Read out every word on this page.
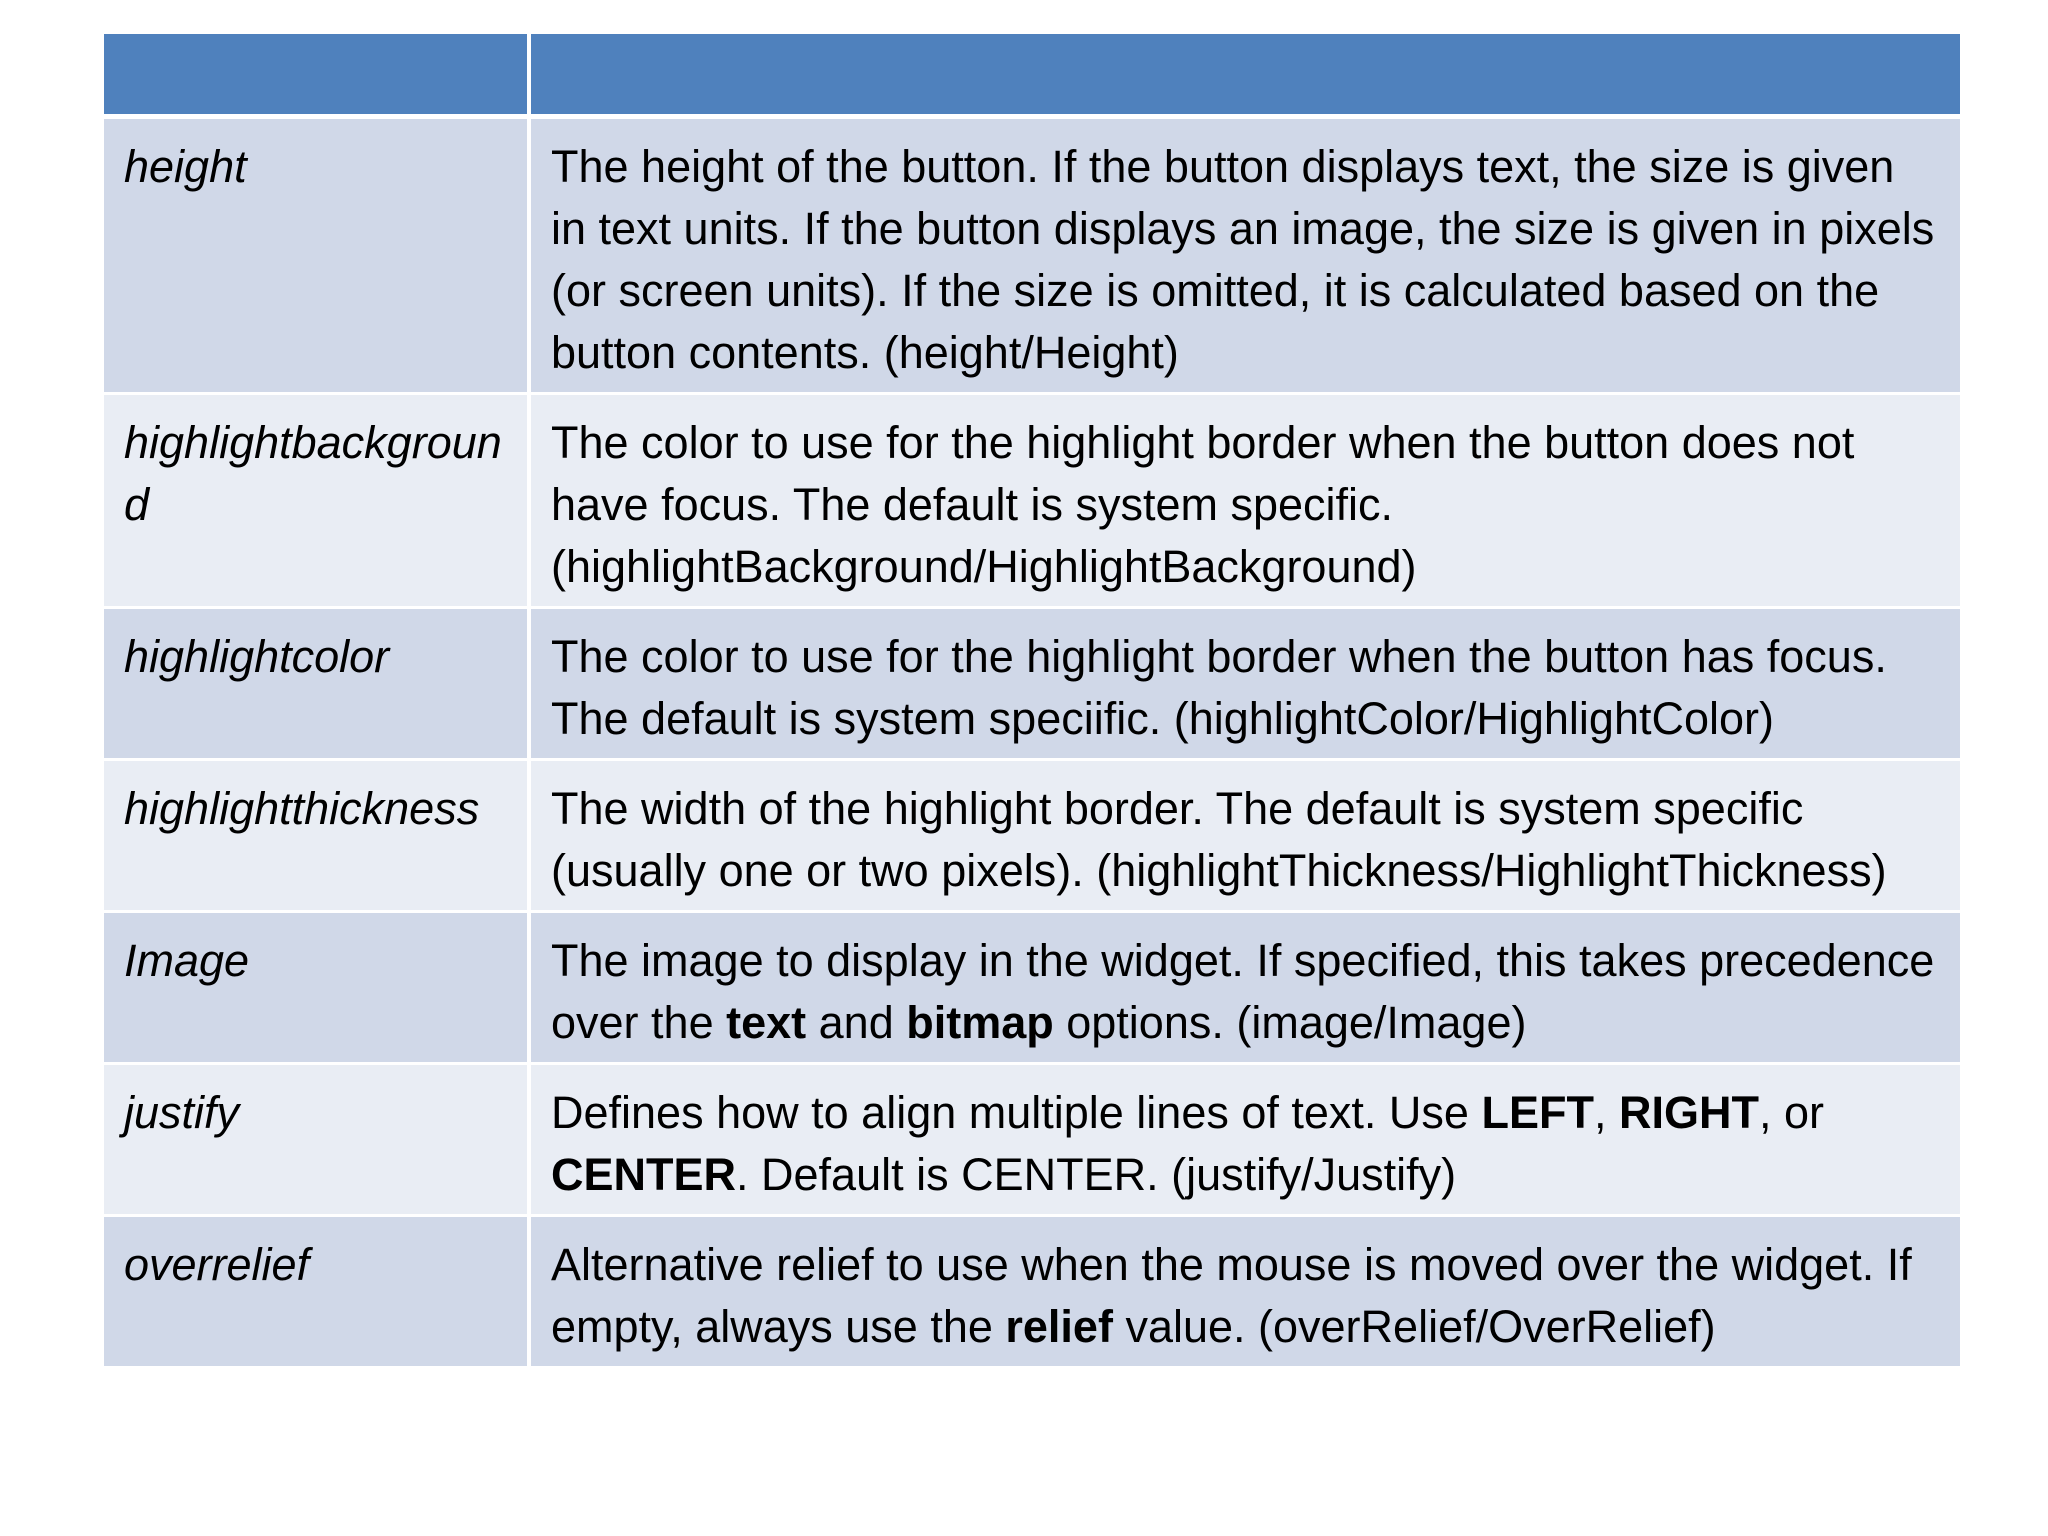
height	The height of the button. If the button displays text, the size is given in text units. If the button displays an image, the size is given in pixels (or screen units). If the size is omitted, it is calculated based on the button contents. (height/Height)
highlightbackground	The color to use for the highlight border when the button does not have focus. The default is system specific. (highlightBackground/HighlightBackground)
highlightcolor	The color to use for the highlight border when the button has focus. The default is system speciific. (highlightColor/HighlightColor)
highlightthickness	The width of the highlight border. The default is system specific (usually one or two pixels). (highlightThickness/HighlightThickness)
Image	The image to display in the widget. If specified, this takes precedence over the text and bitmap options. (image/Image)
justify	Defines how to align multiple lines of text. Use LEFT, RIGHT, or CENTER. Default is CENTER. (justify/Justify)
overrelief	Alternative relief to use when the mouse is moved over the widget. If empty, always use the relief value. (overRelief/OverRelief)
